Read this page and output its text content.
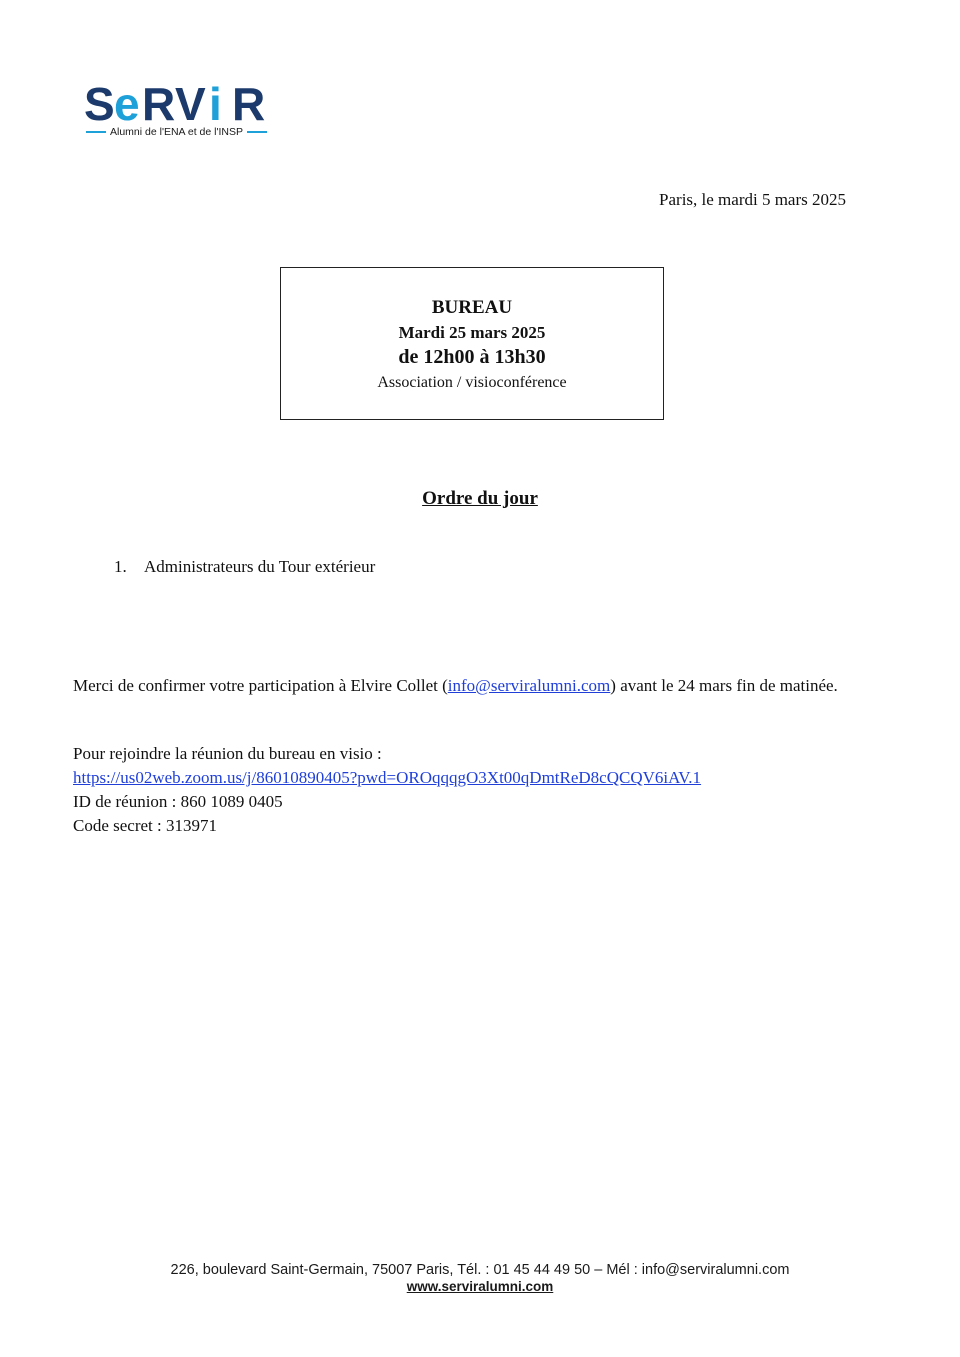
S e R V i R
Alumni de l'ENA et de l'INSP
Paris, le mardi 5 mars 2025
BUREAU
Mardi 25 mars 2025
de 12h00 à 13h30
Association / visioconférence
Ordre du jour
1.	Administrateurs du Tour extérieur
Merci de confirmer votre participation à Elvire Collet (info@serviralumni.com) avant le 24 mars fin de matinée.
Pour rejoindre la réunion du bureau en visio :
https://us02web.zoom.us/j/86010890405?pwd=OROqqqgO3Xt00qDmtReD8cQCQV6iAV.1
ID de réunion : 860 1089 0405
Code secret : 313971
226, boulevard Saint-Germain, 75007 Paris, Tél. : 01 45 44 49 50 – Mél : info@serviralumni.com
www.serviralumni.com
